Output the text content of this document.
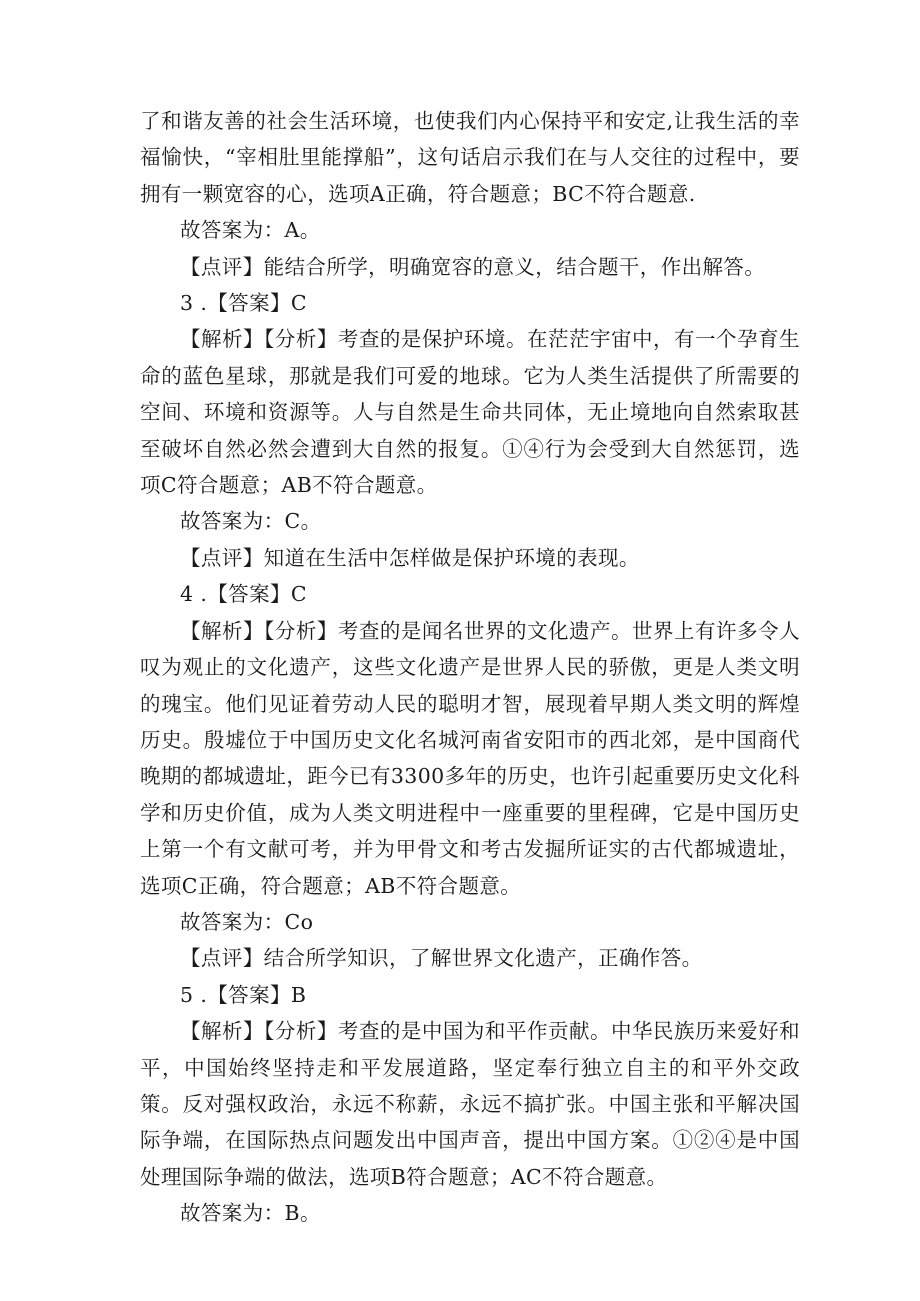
了和谐友善的社会生活环境，也使我们内心保持平和安定,让我生活的幸福愉快，“宰相肚里能撑船”，这句话启示我们在与人交往的过程中，要拥有一颗宽容的心，选项A正确，符合题意；BC不符合题意.

故答案为：A。

【点评】能结合所学，明确宽容的意义，结合题干，作出解答。

3 .【答案】C

【解析】【分析】考查的是保护环境。在茫茫宇宙中，有一个孕育生命的蓝色星球，那就是我们可爱的地球。它为人类生活提供了所需要的空间、环境和资源等。人与自然是生命共同体，无止境地向自然索取甚至破坏自然必然会遭到大自然的报复。①④行为会受到大自然惩罚，选项C符合题意；AB不符合题意。

故答案为：C。

【点评】知道在生活中怎样做是保护环境的表现。

4 .【答案】C

【解析】【分析】考查的是闻名世界的文化遗产。世界上有许多令人叹为观止的文化遗产，这些文化遗产是世界人民的骄傲，更是人类文明的瑰宝。他们见证着劳动人民的聪明才智，展现着早期人类文明的辉煌历史。殷墟位于中国历史文化名城河南省安阳市的西北郊，是中国商代晚期的都城遗址，距今已有3300多年的历史，也许引起重要历史文化科学和历史价值，成为人类文明进程中一座重要的里程碑，它是中国历史上第一个有文献可考，并为甲骨文和考古发掘所证实的古代都城遗址，选项C正确，符合题意；AB不符合题意。

故答案为：Co

【点评】结合所学知识，了解世界文化遗产，正确作答。

5 .【答案】B

【解析】【分析】考查的是中国为和平作贡献。中华民族历来爱好和平，中国始终坚持走和平发展道路，坚定奉行独立自主的和平外交政策。反对强权政治，永远不称薪，永远不搞扩张。中国主张和平解决国际争端，在国际热点问题发出中国声音，提出中国方案。①②④是中国处理国际争端的做法，选项B符合题意；AC不符合题意。

故答案为：B。
